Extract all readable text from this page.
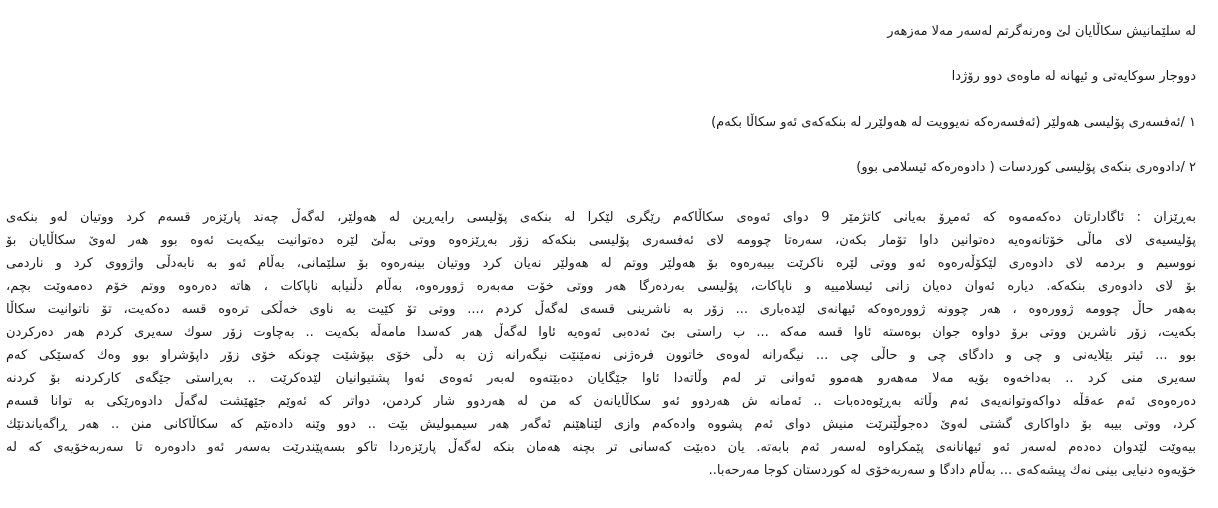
له سلێمانیش سکاڵایان لێ وەرنەگرتم لەسەر مەلا مەزهەر
دووجار سوکایەتی و ئیهانە لە ماوەی دوو رۆژدا
١ /ئەفسەری پۆلیسی هەولێر (ئەفسەرەکە نەیوویت لە هەولێرر لە بنکەکەی ئەو سکاڵا بکەم)
٢ /دادوەری بنکەی پۆلیسی کوردسات ( دادوەرەکە ئیسلامی بوو)
بەڕێزان : ئاگادارتان دەکەمەوە کە ئەمڕۆ بەیانی کاتژمێر 9 دوای ئەوەی سکاڵاکەم رێگری لێکرا لە بنکەی پۆلیسی رایەڕین لە هەولێر، لەگەڵ چەند پارێزەر قسەم کرد ووتیان لەو بنکەی
پۆلیسیەی لای ماڵی خۆتانەوەیە دەتوانین داوا تۆمار بکەن، سەرەتا چوومە لای ئەفسەری پۆلیسی بنکەکە زۆر بەڕێزەوە ووتی بەڵێ لێرە دەتوانیت بیکەیت ئەوە بوو هەر لەوێ سکاڵایان بۆ
نووسیم و بردمە لای دادوەری لێکۆڵەرەوە ئەو ووتی لێرە ناکرێت بیبەرەوە بۆ هەولێر ووتم لە هەولێر نەیان کرد ووتیان بینەرەوە بۆ سلێمانی، بەڵام ئەو بە نابەدڵی واژووی کرد و ناردمی
بۆ لای دادوەری بنکەکە. دیارە ئەوان دەیان زانی ئیسلامییە و ناپاکات، پۆلیسی بەردەرگا هەر ووتی خۆت مەبەرە ژوورەوە، بەڵام دڵنیابە ناپاکات ، هاتە دەرەوە ووتم خۆم دەمەوێت بچم،
بەهەر حاڵ چوومە ژوورەوە ، هەر چوونە ژوورەوەکە ئیهانەی لێدەباری ... زۆر بە ناشرینی قسەی لەگەڵ کردم ،... ووتی تۆ کێیت بە ناوی خەڵکی ترەوە قسە دەکەیت، تۆ ناتوانیت سکاڵا
بکەیت، زۆر ناشرین ووتی برۆ دواوە جوان بوەستە ئاوا قسە مەکە ... ب راستی بێ ئەدەبی ئەوەیە ئاوا لەگەڵ هەر کەسدا مامەڵە بکەیت .. بەچاوت زۆر سوك سەیری کردم هەر دەرکردن
بوو ... ئیتر بێلایەنی و چی و دادگای چی و حاڵی چی ... نیگەرانە لەوەی خاتوون فرەژنی نەمێنێت نیگەرانە ژن بە دڵی خۆی بپۆشێت چونکە خۆی زۆر داپۆشراو بوو وەك کەسێکی کەم
سەیری منی کرد .. بەداخەوە بۆیە مەلا مەهەرو هەموو ئەوانی تر لەم وڵاتەدا ئاوا جێگایان دەبێتەوە لەبەر ئەوەی ئەوا پشتیوانیان لێدەکرێت .. بەڕاستی جێگەی کارکردنە بۆ کردنە
دەرەوەی ئەم عەقڵە دواکەوتوانەیەی ئەم وڵاتە بەڕێوەدەبات .. ئەمانە ش هەردوو ئەو سکاڵایانەن کە من لە هەردوو شار کردمن، دواتر کە ئەوێم جێهێشت لەگەڵ دادوەرێکی بە توانا قسەم
کرد، ووتی بیبە بۆ داواکاری گشتی لەوێ دەجوڵێنرێت منیش دوای ئەم پشووە وادەکەم وازی لێناهێنم ئەگەر هەر سیمبولیش بێت .. دوو وێنە دادەنێم کە سکاڵاکانی منن .. هەر ڕاگەیاندنێك
بیەوێت لێدوان دەدەم لەسەر ئەو ئیهانانەی پێمکراوە لەسەر ئەم بابەتە. یان دەبێت کەسانی تر بچنە هەمان بنکە لەگەڵ پارێزەردا تاکو بسەپێندرێت بەسەر ئەو دادوەرە تا سەربەخۆیەی کە لە
خۆیەوە دنیایی بینی نەك پیشەکەی ... بەڵام دادگا و سەربەخۆی لە کوردستان کوجا مەرحەبا..
